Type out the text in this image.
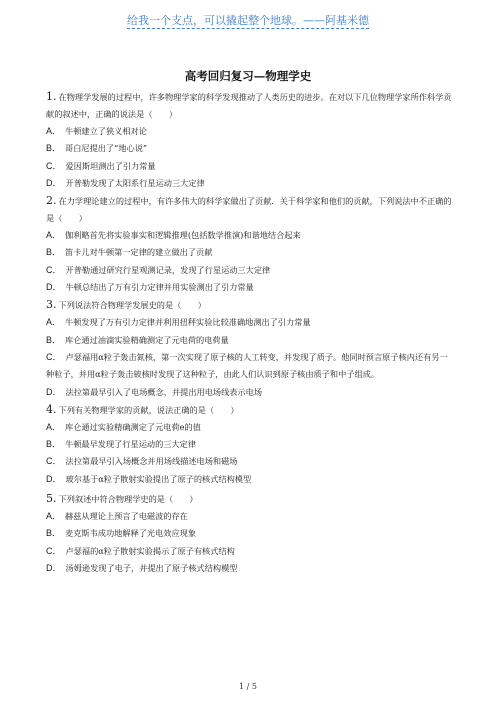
给我一个支点，可以撬起整个地球。——阿基米德
高考回归复习—物理学史

1. 在物理学发展的过程中，许多物理学家的科学发现推动了人类历史的进步。在对以下几位物理学家所作科学贡献的叙述中，正确的说法是（　　）

A． 牛顿建立了狭义相对论

B． 哥白尼提出了“地心说”

C． 爱因斯坦测出了引力常量

D． 开普勒发现了太阳系行星运动三大定律

2. 在力学理论建立的过程中，有许多伟大的科学家做出了贡献．关于科学家和他们的贡献，下列说法中不正确的是（　　）

A． 伽利略首先将实验事实和逻辑推理(包括数学推演)和谐地结合起来

B． 笛卡儿对牛顿第一定律的建立做出了贡献

C． 开普勒通过研究行星观测记录，发现了行星运动三大定律

D． 牛顿总结出了万有引力定律并用实验测出了引力常量

3. 下列说法符合物理学发展史的是（　　）

A． 牛顿发现了万有引力定律并利用扭秤实验比较准确地测出了引力常量

B． 库仑通过油滴实验精确测定了元电荷的电荷量

C． 卢瑟福用α粒子轰击氮核，第一次实现了原子核的人工转变，并发现了质子。他同时预言原子核内还有另一种粒子，并用α粒子轰击铍核时发现了这种粒子，由此人们认识到原子核由质子和中子组成。

D． 法拉第最早引入了电场概念，并提出用电场线表示电场

4. 下列有关物理学家的贡献，说法正确的是（　　）

A． 库仑通过实验精确测定了元电荷e的值

B． 牛顿最早发现了行星运动的三大定律

C． 法拉第最早引入场概念并用场线描述电场和磁场

D． 玻尔基于α粒子散射实验提出了原子的核式结构模型

5. 下列叙述中符合物理学史的是（　　）

A． 赫兹从理论上预言了电磁波的存在

B． 麦克斯韦成功地解释了光电效应现象

C． 卢瑟福的α粒子散射实验揭示了原子有核式结构

D． 汤姆逊发现了电子，并提出了原子核式结构模型

1 / 5
